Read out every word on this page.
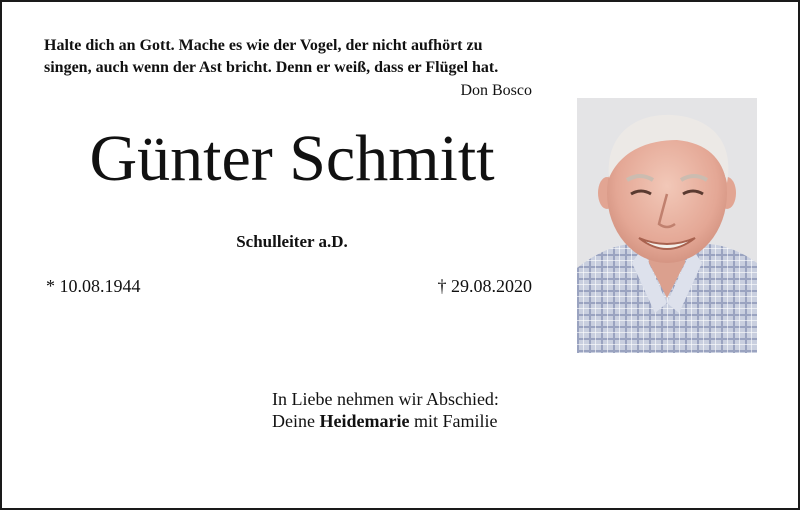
Halte dich an Gott. Mache es wie der Vogel, der nicht aufhört zu
singen, auch wenn der Ast bricht. Denn er weiß, dass er Flügel hat.
Don Bosco
Günter Schmitt
Schulleiter a.D.
* 10.08.1944	† 29.08.2020
In Liebe nehmen wir Abschied:
Deine Heidemarie mit Familie
